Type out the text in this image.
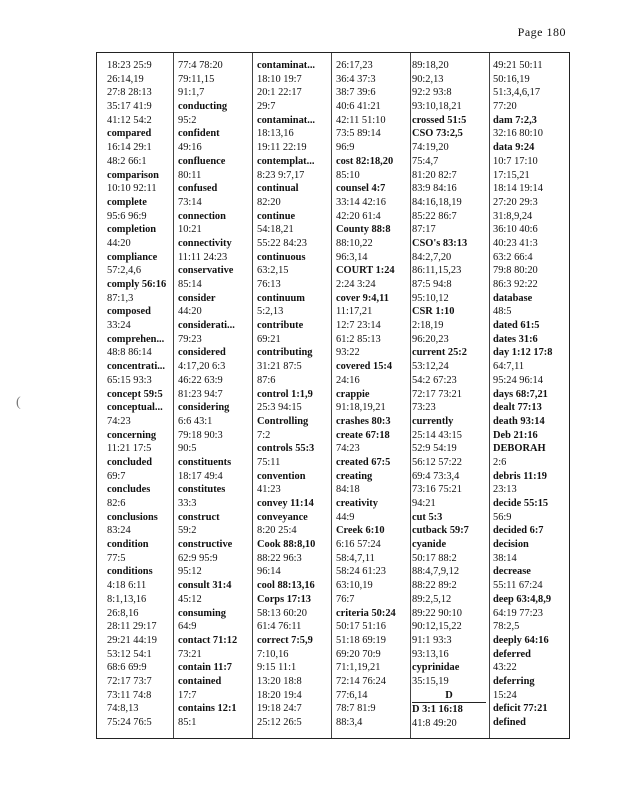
Page 180
(
18:23 25:9
26:14,19
27:8 28:13
35:17 41:9
41:12 54:2
compared
16:14 29:1
48:2 66:1
comparison
10:10 92:11
complete
95:6 96:9
completion
44:20
compliance
57:2,4,6
comply 56:16
87:1,3
composed
33:24
comprehen...
48:8 86:14
concentrati...
65:15 93:3
concept 59:5
conceptual...
74:23
concerning
11:21 17:5
concluded
69:7
concludes
82:6
conclusions
83:24
condition
77:5
conditions
4:18 6:11
8:1,13,16
26:8,16
28:11 29:17
29:21 44:19
53:12 54:1
68:6 69:9
72:17 73:7
73:11 74:8
74:8,13
75:24 76:5
77:4 78:20
79:11,15
91:1,7
conducting
95:2
confident
49:16
confluence
80:11
confused
73:14
connection
10:21
connectivity
11:11 24:23
conservative
85:14
consider
44:20
considerati...
79:23
considered
4:17,20 6:3
46:22 63:9
81:23 94:7
considering
6:6 43:1
79:18 90:3
90:5
constituents
18:17 49:4
constitutes
33:3
construct
59:2
constructive
62:9 95:9
95:12
consult 31:4
45:12
consuming
64:9
contact 71:12
73:21
contain 11:7
contained
17:7
contains 12:1
85:1
contaminat...
18:10 19:7
20:1 22:17
29:7
contaminat...
18:13,16
19:11 22:19
contemplat...
8:23 9:7,17
continual
82:20
continue
54:18,21
55:22 84:23
continuous
63:2,15
76:13
continuum
5:2,13
contribute
69:21
contributing
31:21 87:5
87:6
control 1:1,9
25:3 94:15
Controlling
7:2
controls 55:3
75:11
convention
41:23
convey 11:14
conveyance
8:20 25:4
Cook 88:8,10
88:22 96:3
96:14
cool 88:13,16
Corps 17:13
58:13 60:20
61:4 76:11
correct 7:5,9
7:10,16
9:15 11:1
13:20 18:8
18:20 19:4
19:18 24:7
25:12 26:5
26:17,23
36:4 37:3
38:7 39:6
40:6 41:21
42:11 51:10
73:5 89:14
96:9
cost 82:18,20
85:10
counsel 4:7
33:14 42:16
42:20 61:4
County 88:8
88:10,22
96:3,14
COURT 1:24
2:24 3:24
cover 9:4,11
11:17,21
12:7 23:14
61:2 85:13
93:22
covered 15:4
24:16
crappie
91:18,19,21
crashes 80:3
create 67:18
74:23
created 67:5
creating
84:18
creativity
44:9
Creek 6:10
6:16 57:24
58:4,7,11
58:24 61:23
63:10,19
76:7
criteria 50:24
50:17 51:16
51:18 69:19
69:20 70:9
71:1,19,21
72:14 76:24
77:6,14
78:7 81:9
88:3,4
89:18,20
90:2,13
92:2 93:8
93:10,18,21
crossed 51:5
CSO 73:2,5
74:19,20
75:4,7
81:20 82:7
83:9 84:16
84:16,18,19
85:22 86:7
87:17
CSO's 83:13
84:2,7,20
86:11,15,23
87:5 94:8
95:10,12
CSR 1:10
2:18,19
96:20,23
current 25:2
53:12,24
54:2 67:23
72:17 73:21
73:23
currently
25:14 43:15
52:9 54:19
56:12 57:22
69:4 73:3,4
73:16 75:21
94:21
cut 5:3
cutback 59:7
cyanide
50:17 88:2
88:4,7,9,12
88:22 89:2
89:2,5,12
89:22 90:10
90:12,15,22
91:1 93:3
93:13,16
cyprinidae
35:15,19
D
D 3:1 16:18
41:8 49:20
49:21 50:11
50:16,19
51:3,4,6,17
77:20
dam 7:2,3
32:16 80:10
data 9:24
10:7 17:10
17:15,21
18:14 19:14
27:20 29:3
31:8,9,24
36:10 40:6
40:23 41:3
63:2 66:4
79:8 80:20
86:3 92:22
database
48:5
dated 61:5
dates 31:6
day 1:12 17:8
64:7,11
95:24 96:14
days 68:7,21
dealt 77:13
death 93:14
Deb 21:16
DEBORAH
2:6
debris 11:19
23:13
decide 55:15
56:9
decided 6:7
decision
38:14
decrease
55:11 67:24
deep 63:4,8,9
64:19 77:23
78:2,5
deeply 64:16
deferred
43:22
deferring
15:24
deficit 77:21
defined
